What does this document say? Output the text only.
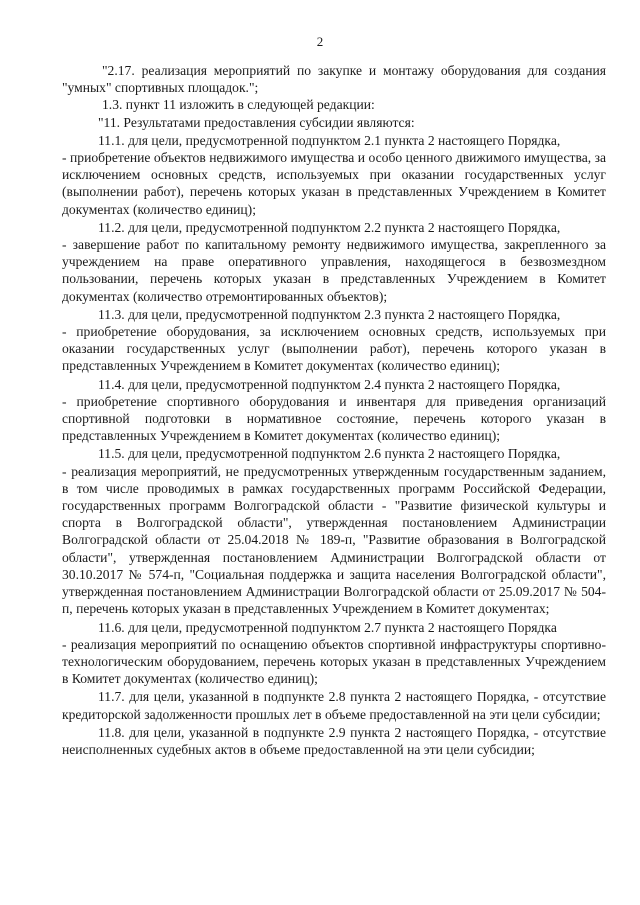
2

"2.17. реализация мероприятий по закупке и монтажу оборудования для создания "умных" спортивных площадок.";

1.3. пункт 11 изложить в следующей редакции:

"11. Результатами предоставления субсидии являются:

11.1. для цели, предусмотренной подпунктом 2.1 пункта 2 настоящего Порядка,

- приобретение объектов недвижимого имущества и особо ценного движимого имущества, за исключением основных средств, используемых при оказании государственных услуг (выполнении работ), перечень которых указан в представленных Учреждением в Комитет документах (количество единиц);

11.2. для цели, предусмотренной подпунктом 2.2 пункта 2 настоящего Порядка,

- завершение работ по капитальному ремонту недвижимого имущества, закрепленного за учреждением на праве оперативного управления, находящегося в безвозмездном пользовании, перечень которых указан в представленных Учреждением в Комитет документах (количество отремонтированных объектов);

11.3. для цели, предусмотренной подпунктом 2.3 пункта 2 настоящего Порядка,

- приобретение оборудования, за исключением основных средств, используемых при оказании государственных услуг (выполнении работ), перечень которого указан в представленных Учреждением в Комитет документах (количество единиц);

11.4. для цели, предусмотренной подпунктом 2.4 пункта 2 настоящего Порядка,

- приобретение спортивного оборудования и инвентаря для приведения организаций спортивной подготовки в нормативное состояние, перечень которого указан в представленных Учреждением в Комитет документах (количество единиц);

11.5. для цели, предусмотренной подпунктом 2.6 пункта 2 настоящего Порядка,

- реализация мероприятий, не предусмотренных утвержденным государственным заданием, в том числе проводимых в рамках государственных программ Российской Федерации, государственных программ Волгоградской области - "Развитие физической культуры и спорта в Волгоградской области", утвержденная постановлением Администрации Волгоградской области от 25.04.2018 № 189-п, "Развитие образования в Волгоградской области", утвержденная постановлением Администрации Волгоградской области от 30.10.2017 № 574-п, "Социальная поддержка и защита населения Волгоградской области", утвержденная постановлением Администрации Волгоградской области от 25.09.2017 № 504-п, перечень которых указан в представленных Учреждением в Комитет документах;

11.6. для цели, предусмотренной подпунктом 2.7 пункта 2 настоящего Порядка

- реализация мероприятий по оснащению объектов спортивной инфраструктуры спортивно-технологическим оборудованием, перечень которых указан в представленных Учреждением в Комитет документах (количество единиц);

11.7. для цели, указанной в подпункте 2.8 пункта 2 настоящего Порядка, - отсутствие кредиторской задолженности прошлых лет в объеме предоставленной на эти цели субсидии;

11.8. для цели, указанной в подпункте 2.9 пункта 2 настоящего Порядка, - отсутствие неисполненных судебных актов в объеме предоставленной на эти цели субсидии;
